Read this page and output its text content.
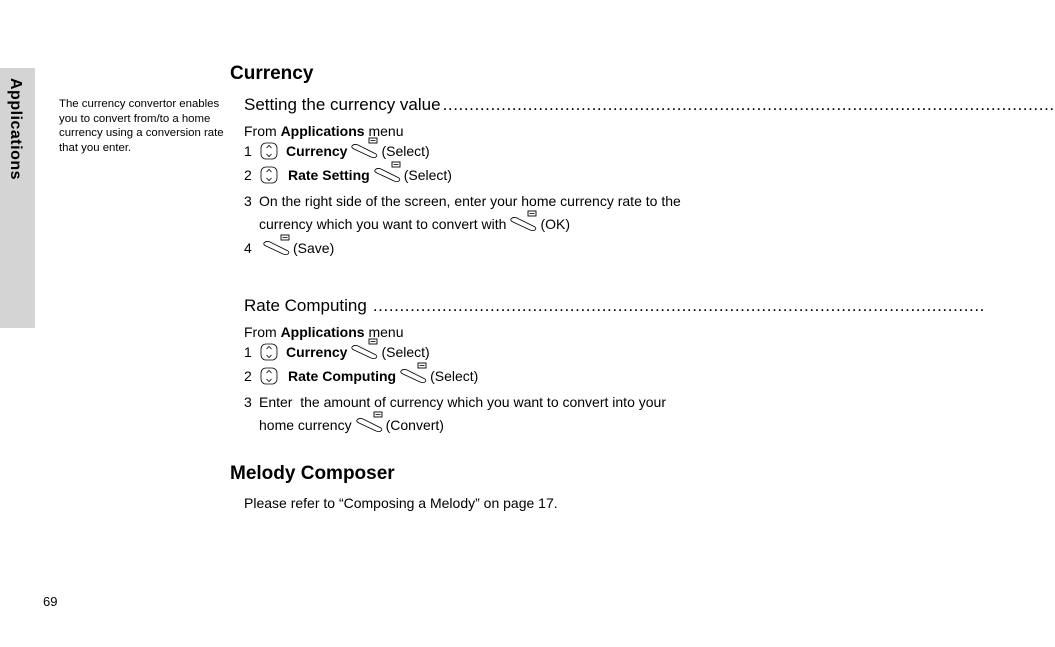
Applications	The currency convertor enables you to convert from/to a home currency using a conversion rate that you enter.
Currency
Setting the currency value ...................................................................................................................
From Applications menu
1	Currency (Select)
2	Rate Setting (Select)
3 On the right side of the screen, enter your home currency rate to the
currency which you want to convert with (OK)
4	(Save)
Rate Computing ...................................................................................................................
From Applications menu
1	Currency (Select)
2	Rate Computing (Select)
3 Enter  the amount of currency which you want to convert into your
home currency (Convert)
Melody Composer
Please refer to “Composing a Melody” on page 17.
69
